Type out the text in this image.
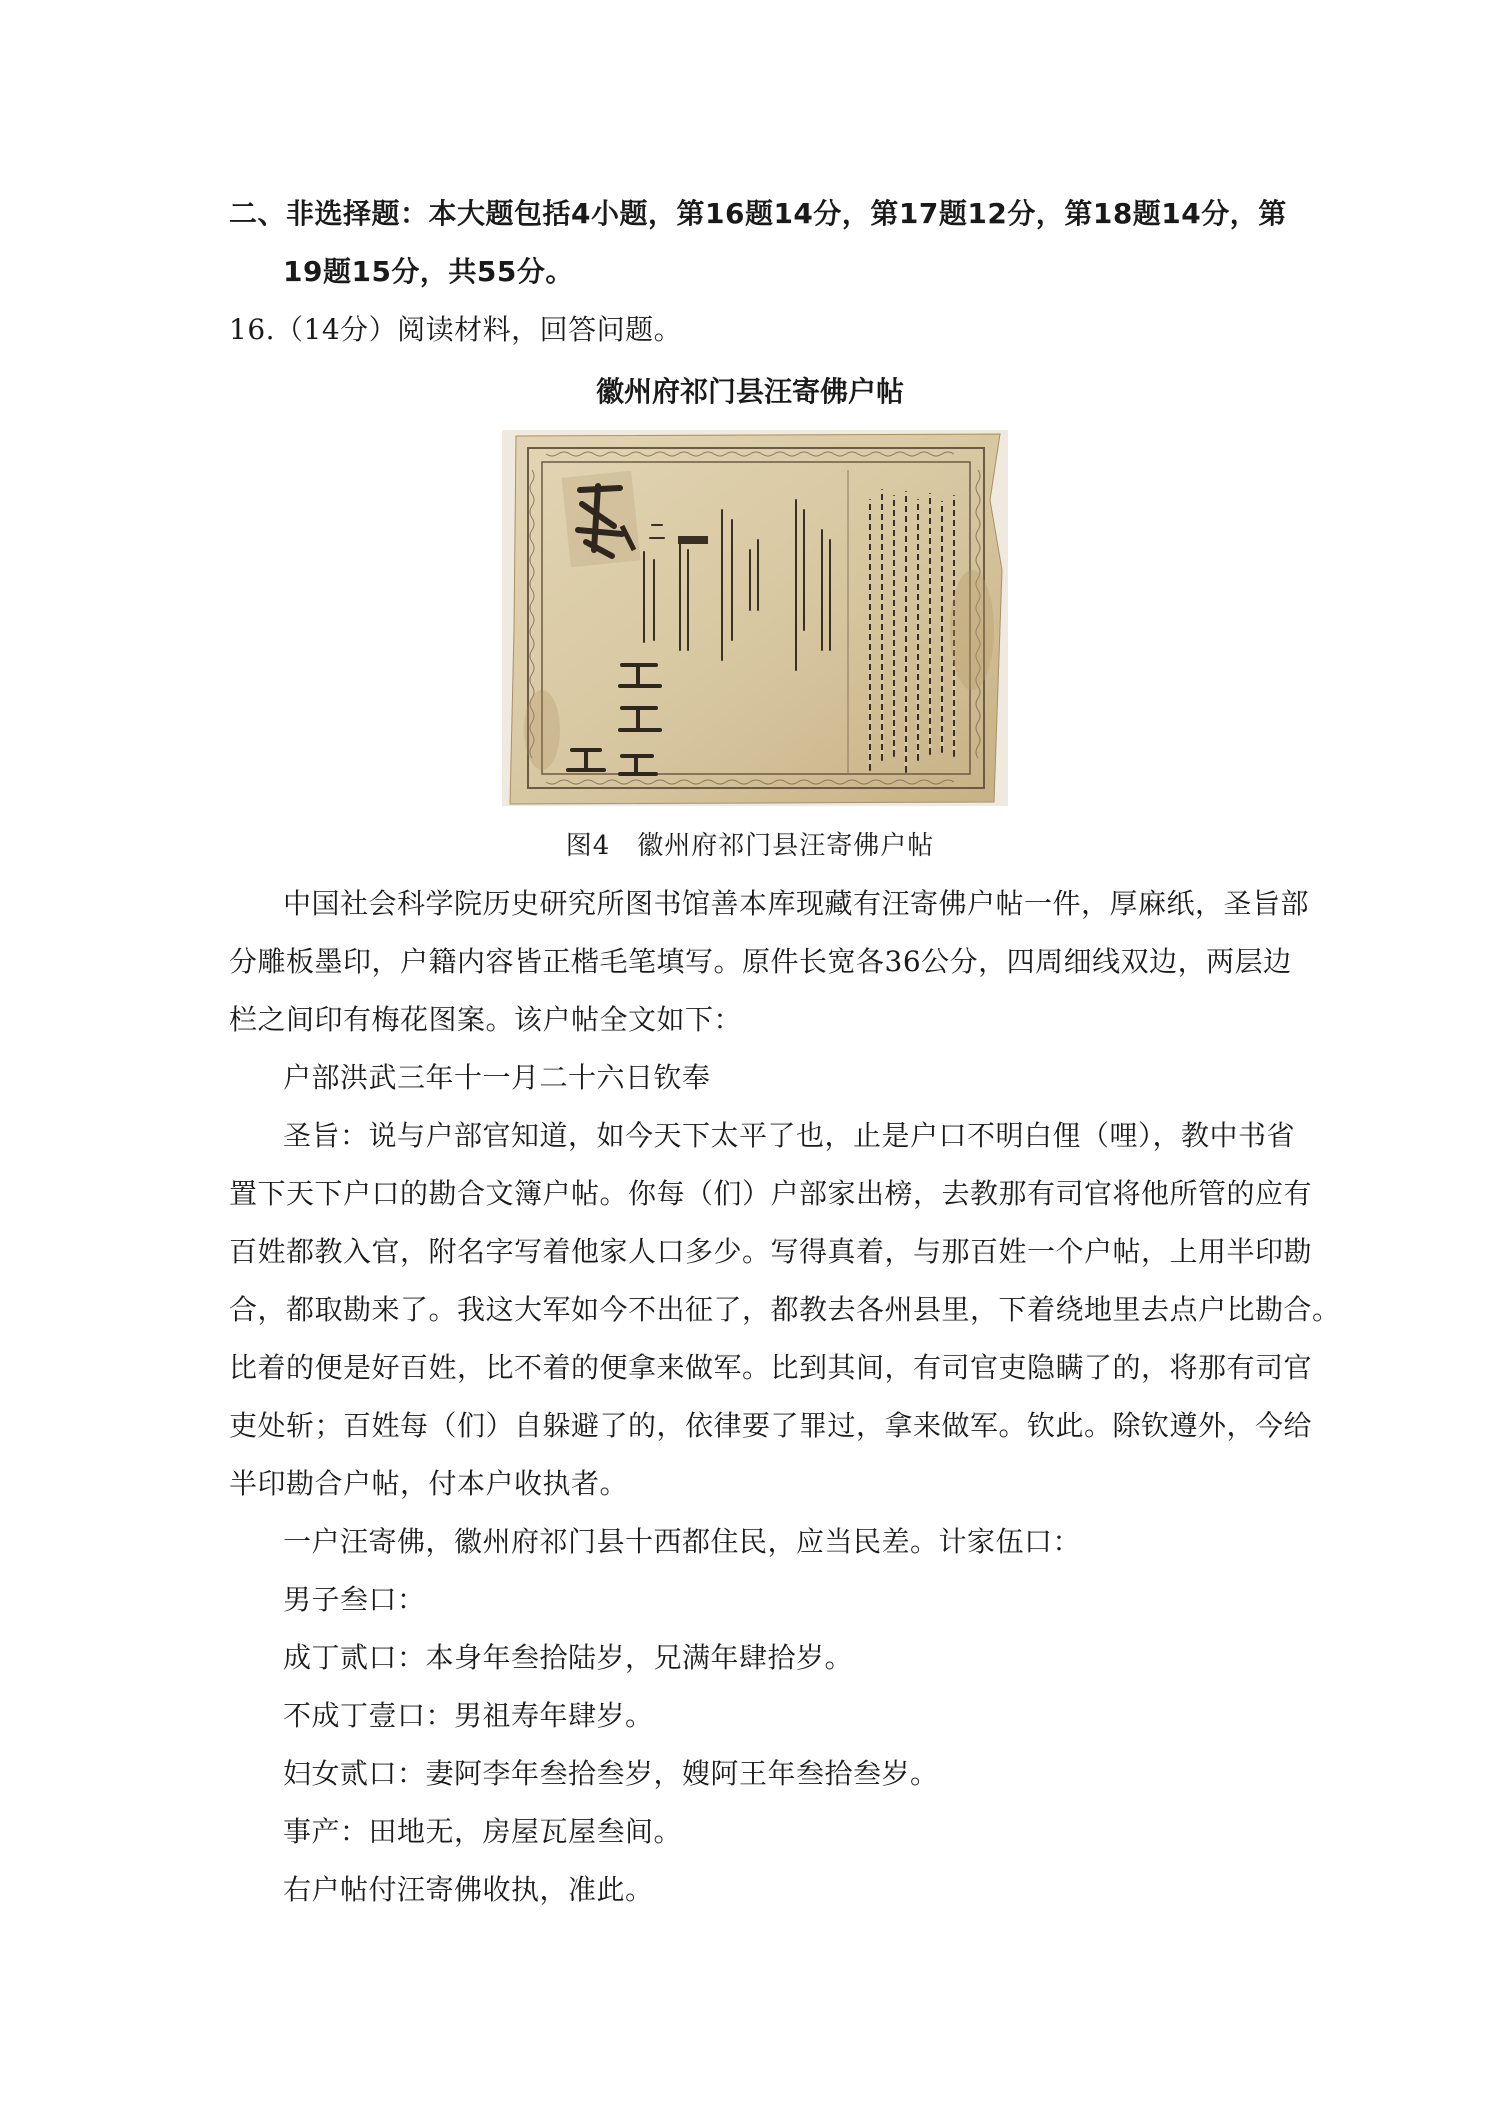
二、非选择题：本大题包括4小题，第16题14分，第17题12分，第18题14分，第
19题15分，共55分。
16.（14分）阅读材料，回答问题。
徽州府祁门县汪寄佛户帖
图4　徽州府祁门县汪寄佛户帖
中国社会科学院历史研究所图书馆善本库现藏有汪寄佛户帖一件，厚麻纸，圣旨部
分雕板墨印，户籍内容皆正楷毛笔填写。原件长宽各36公分，四周细线双边，两层边
栏之间印有梅花图案。该户帖全文如下：
户部洪武三年十一月二十六日钦奉
圣旨：说与户部官知道，如今天下太平了也，止是户口不明白俚（哩），教中书省
置下天下户口的勘合文簿户帖。你每（们）户部家出榜，去教那有司官将他所管的应有
百姓都教入官，附名字写着他家人口多少。写得真着，与那百姓一个户帖，上用半印勘
合，都取勘来了。我这大军如今不出征了，都教去各州县里，下着绕地里去点户比勘合。
比着的便是好百姓，比不着的便拿来做军。比到其间，有司官吏隐瞒了的，将那有司官
吏处斩；百姓每（们）自躲避了的，依律要了罪过，拿来做军。钦此。除钦遵外，今给
半印勘合户帖，付本户收执者。
一户汪寄佛，徽州府祁门县十西都住民，应当民差。计家伍口：
男子叁口：
成丁贰口：本身年叁拾陆岁，兄满年肆拾岁。
不成丁壹口：男祖寿年肆岁。
妇女贰口：妻阿李年叁拾叁岁，嫂阿王年叁拾叁岁。
事产：田地无，房屋瓦屋叁间。
右户帖付汪寄佛收执，准此。
